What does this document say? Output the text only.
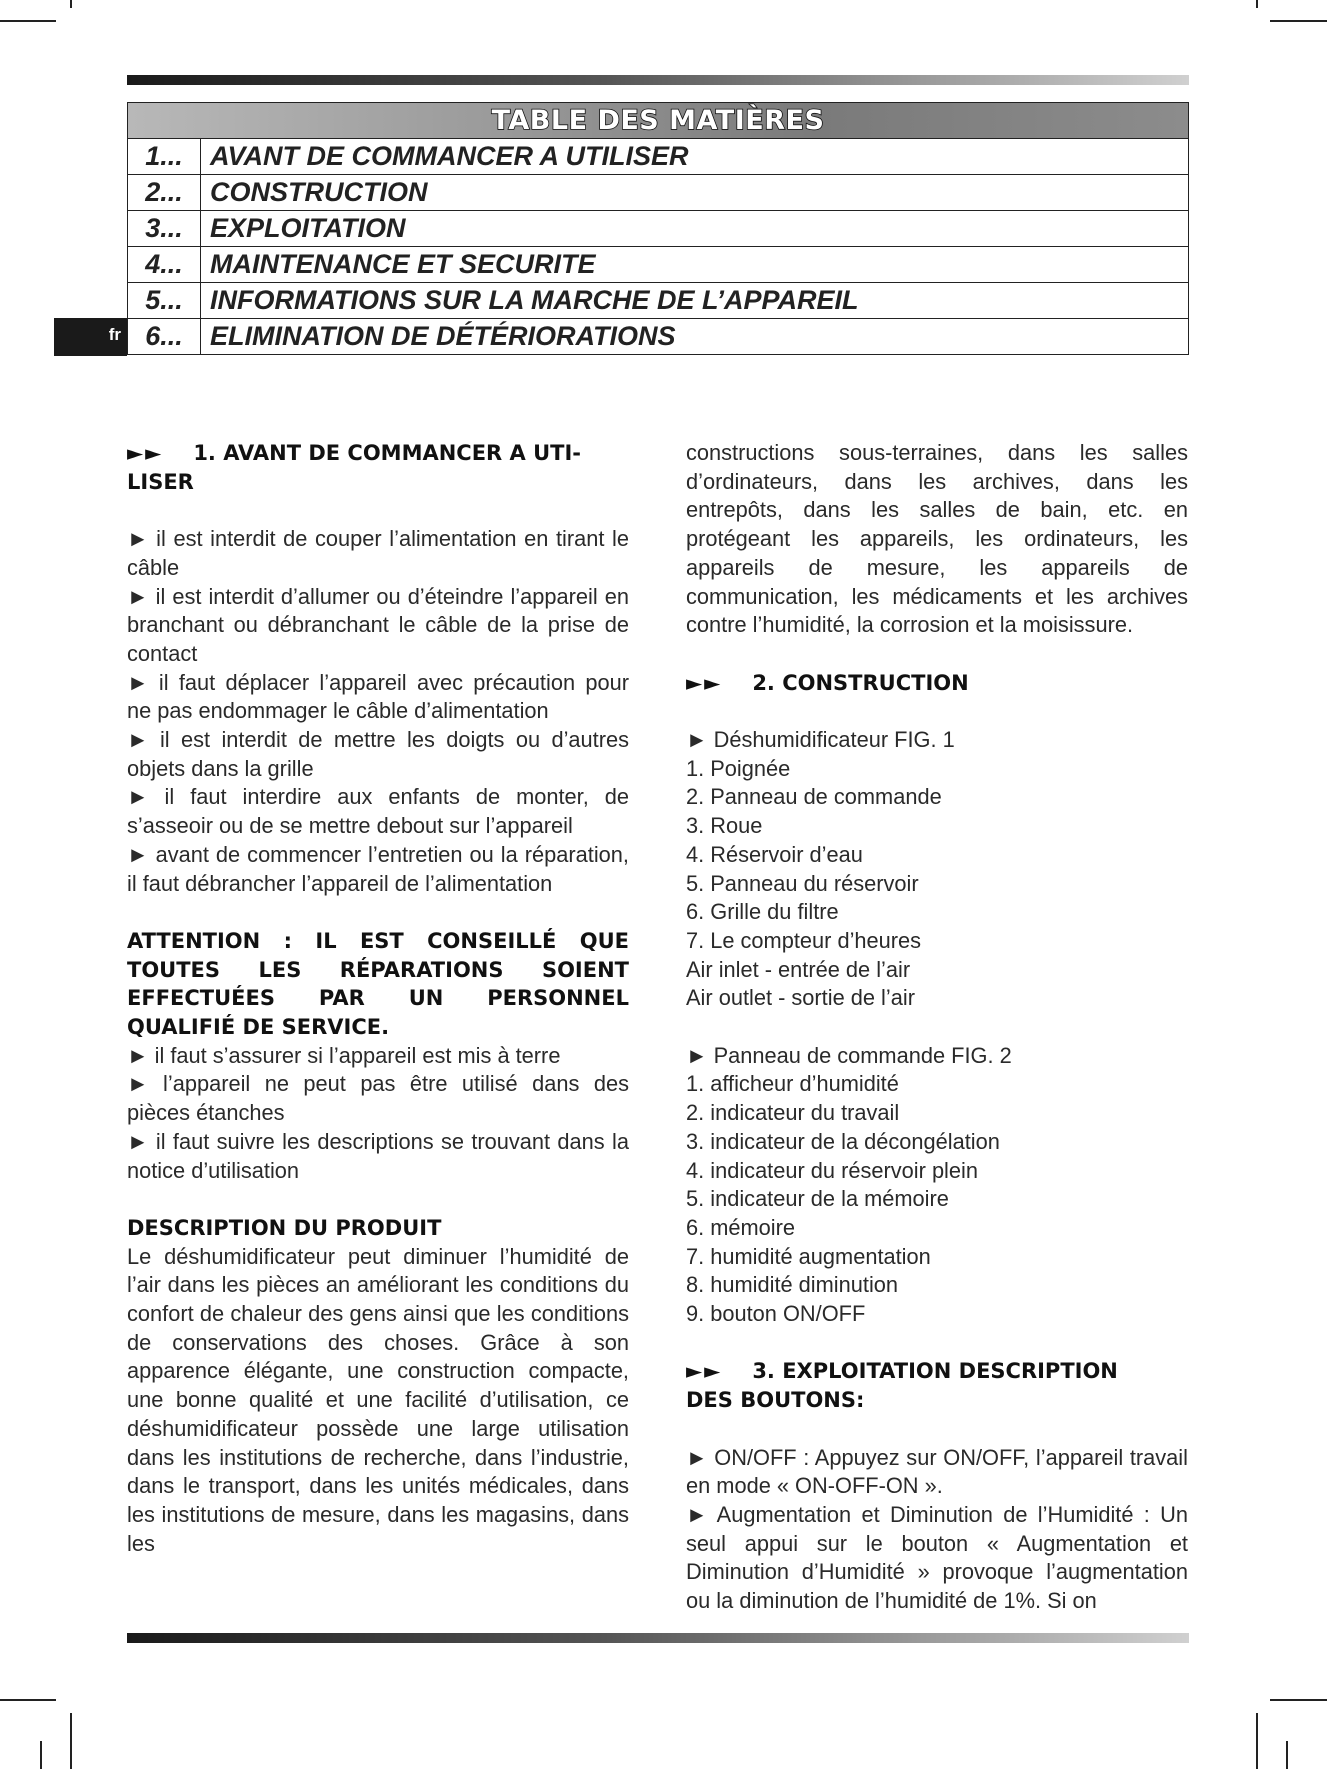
TABLE DES MATIÈRES
1...	AVANT DE COMMANCER A UTILISER
2...	CONSTRUCTION
3...	EXPLOITATION
4...	MAINTENANCE ET SECURITE
5...	INFORMATIONS SUR LA MARCHE DE L’APPAREIL
6...	ELIMINATION DE DÉTÉRIORATIONS
fr

►► 1. AVANT DE COMMANCER A UTI-

LISER

► il est interdit de couper l’alimentation en tirant le câble

► il est interdit d’allumer ou d’éteindre l’appareil en branchant ou débranchant le câble de la prise de contact

► il faut déplacer l’appareil avec précaution pour ne pas endommager le câble d’alimentation

► il est interdit de mettre les doigts ou d’autres objets dans la grille

► il faut interdire aux enfants de monter, de s’asseoir ou de se mettre debout sur l’appareil

► avant de commencer l’entretien ou la réparation, il faut débrancher l’appareil de l’alimentation

ATTENTION : IL EST CONSEILLÉ QUE TOUTES LES RÉPARATIONS SOIENT EFFECTUÉES PAR UN PERSONNEL QUALIFIÉ DE SERVICE.

► il faut s’assurer si l’appareil est mis à terre

► l’appareil ne peut pas être utilisé dans des pièces étanches

► il faut suivre les descriptions se trouvant dans la notice d’utilisation

DESCRIPTION DU PRODUIT

Le déshumidificateur peut diminuer l’humidité de l’air dans les pièces an améliorant les conditions du confort de chaleur des gens ainsi que les conditions de conservations des choses. Grâce à son apparence élégante, une construction compacte, une bonne qualité et une facilité d’utilisation, ce déshumidificateur possède une large utilisation dans les institutions de recherche, dans l’industrie, dans le transport, dans les unités médicales, dans les institutions de mesure, dans les magasins, dans les

constructions sous-terraines, dans les salles d’ordinateurs, dans les archives, dans les entrepôts, dans les salles de bain, etc. en protégeant les appareils, les ordinateurs, les appareils de mesure, les appareils de communication, les médicaments et les archives contre l’humidité, la corrosion et la moisissure.

►► 2. CONSTRUCTION

► Déshumidificateur FIG. 1

1. Poignée

2. Panneau de commande

3. Roue

4. Réservoir d’eau

5. Panneau du réservoir

6. Grille du filtre

7. Le compteur d’heures

Air inlet - entrée de l’air

Air outlet - sortie de l’air

► Panneau de commande FIG. 2

1. afficheur d’humidité

2. indicateur du travail

3. indicateur de la décongélation

4. indicateur du réservoir plein

5. indicateur de la mémoire

6. mémoire

7. humidité augmentation

8. humidité diminution

9. bouton ON/OFF

►► 3. EXPLOITATION DESCRIPTION

DES BOUTONS:

► ON/OFF : Appuyez sur ON/OFF, l’appareil travail en mode « ON-OFF-ON ».

► Augmentation et Diminution de l’Humidité : Un seul appui sur le bouton « Augmentation et Diminution d’Humidité » provoque l’augmentation ou la diminution de l’humidité de 1%. Si on
